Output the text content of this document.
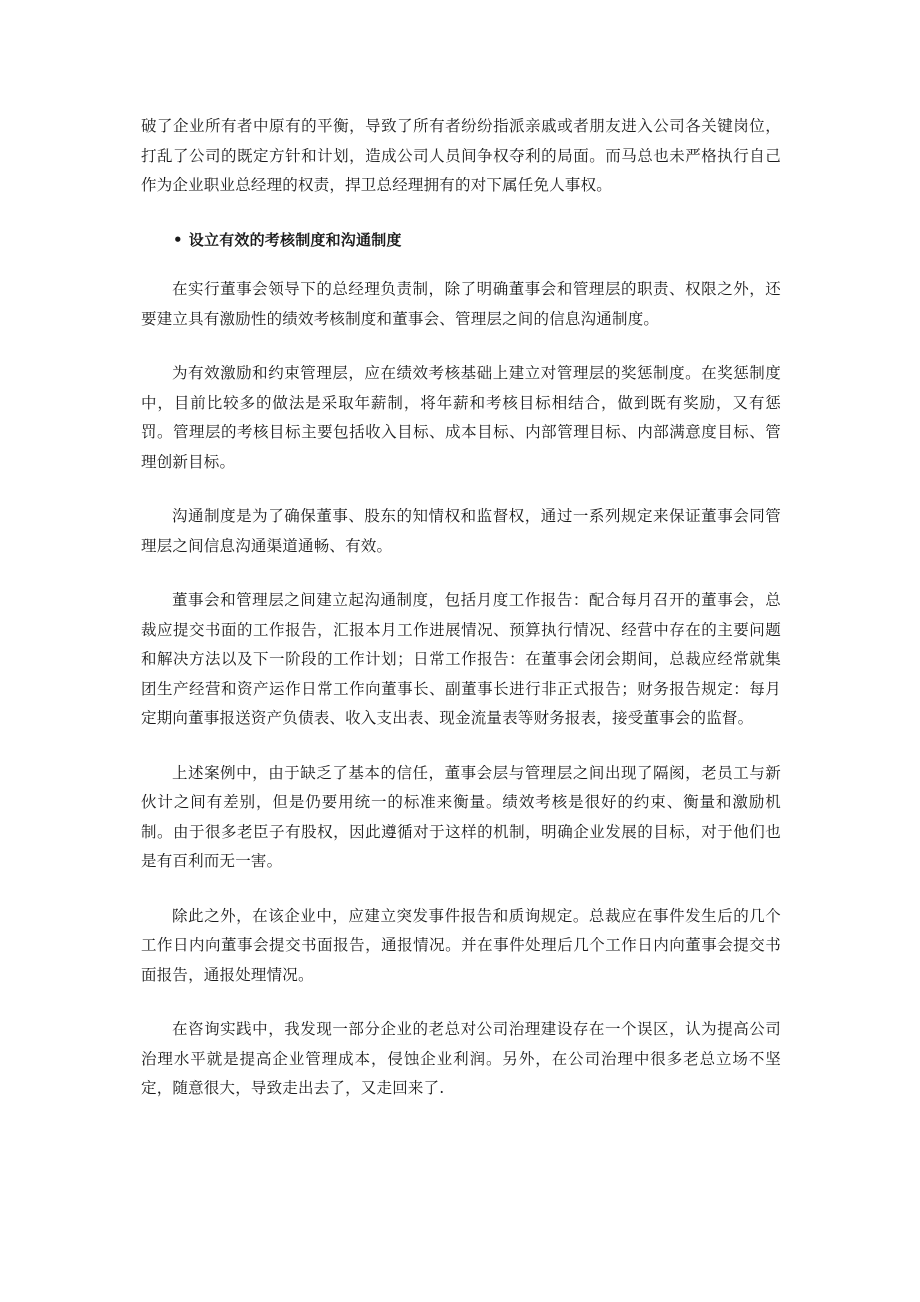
破了企业所有者中原有的平衡，导致了所有者纷纷指派亲戚或者朋友进入公司各关键岗位，打乱了公司的既定方针和计划，造成公司人员间争权夺利的局面。而马总也未严格执行自己作为企业职业总经理的权责，捍卫总经理拥有的对下属任免人事权。

• 设立有效的考核制度和沟通制度

在实行董事会领导下的总经理负责制，除了明确董事会和管理层的职责、权限之外，还要建立具有激励性的绩效考核制度和董事会、管理层之间的信息沟通制度。

为有效激励和约束管理层，应在绩效考核基础上建立对管理层的奖惩制度。在奖惩制度中，目前比较多的做法是采取年薪制，将年薪和考核目标相结合，做到既有奖励，又有惩罚。管理层的考核目标主要包括收入目标、成本目标、内部管理目标、内部满意度目标、管理创新目标。

沟通制度是为了确保董事、股东的知情权和监督权，通过一系列规定来保证董事会同管理层之间信息沟通渠道通畅、有效。

董事会和管理层之间建立起沟通制度，包括月度工作报告：配合每月召开的董事会，总裁应提交书面的工作报告，汇报本月工作进展情况、预算执行情况、经营中存在的主要问题和解决方法以及下一阶段的工作计划；日常工作报告：在董事会闭会期间，总裁应经常就集团生产经营和资产运作日常工作向董事长、副董事长进行非正式报告；财务报告规定：每月定期向董事报送资产负债表、收入支出表、现金流量表等财务报表，接受董事会的监督。

上述案例中，由于缺乏了基本的信任，董事会层与管理层之间出现了隔阂，老员工与新伙计之间有差别，但是仍要用统一的标准来衡量。绩效考核是很好的约束、衡量和激励机制。由于很多老臣子有股权，因此遵循对于这样的机制，明确企业发展的目标，对于他们也是有百利而无一害。

除此之外，在该企业中，应建立突发事件报告和质询规定。总裁应在事件发生后的几个工作日内向董事会提交书面报告，通报情况。并在事件处理后几个工作日内向董事会提交书面报告，通报处理情况。

在咨询实践中，我发现一部分企业的老总对公司治理建设存在一个误区，认为提高公司治理水平就是提高企业管理成本，侵蚀企业利润。另外，在公司治理中很多老总立场不坚定，随意很大，导致走出去了，又走回来了.
